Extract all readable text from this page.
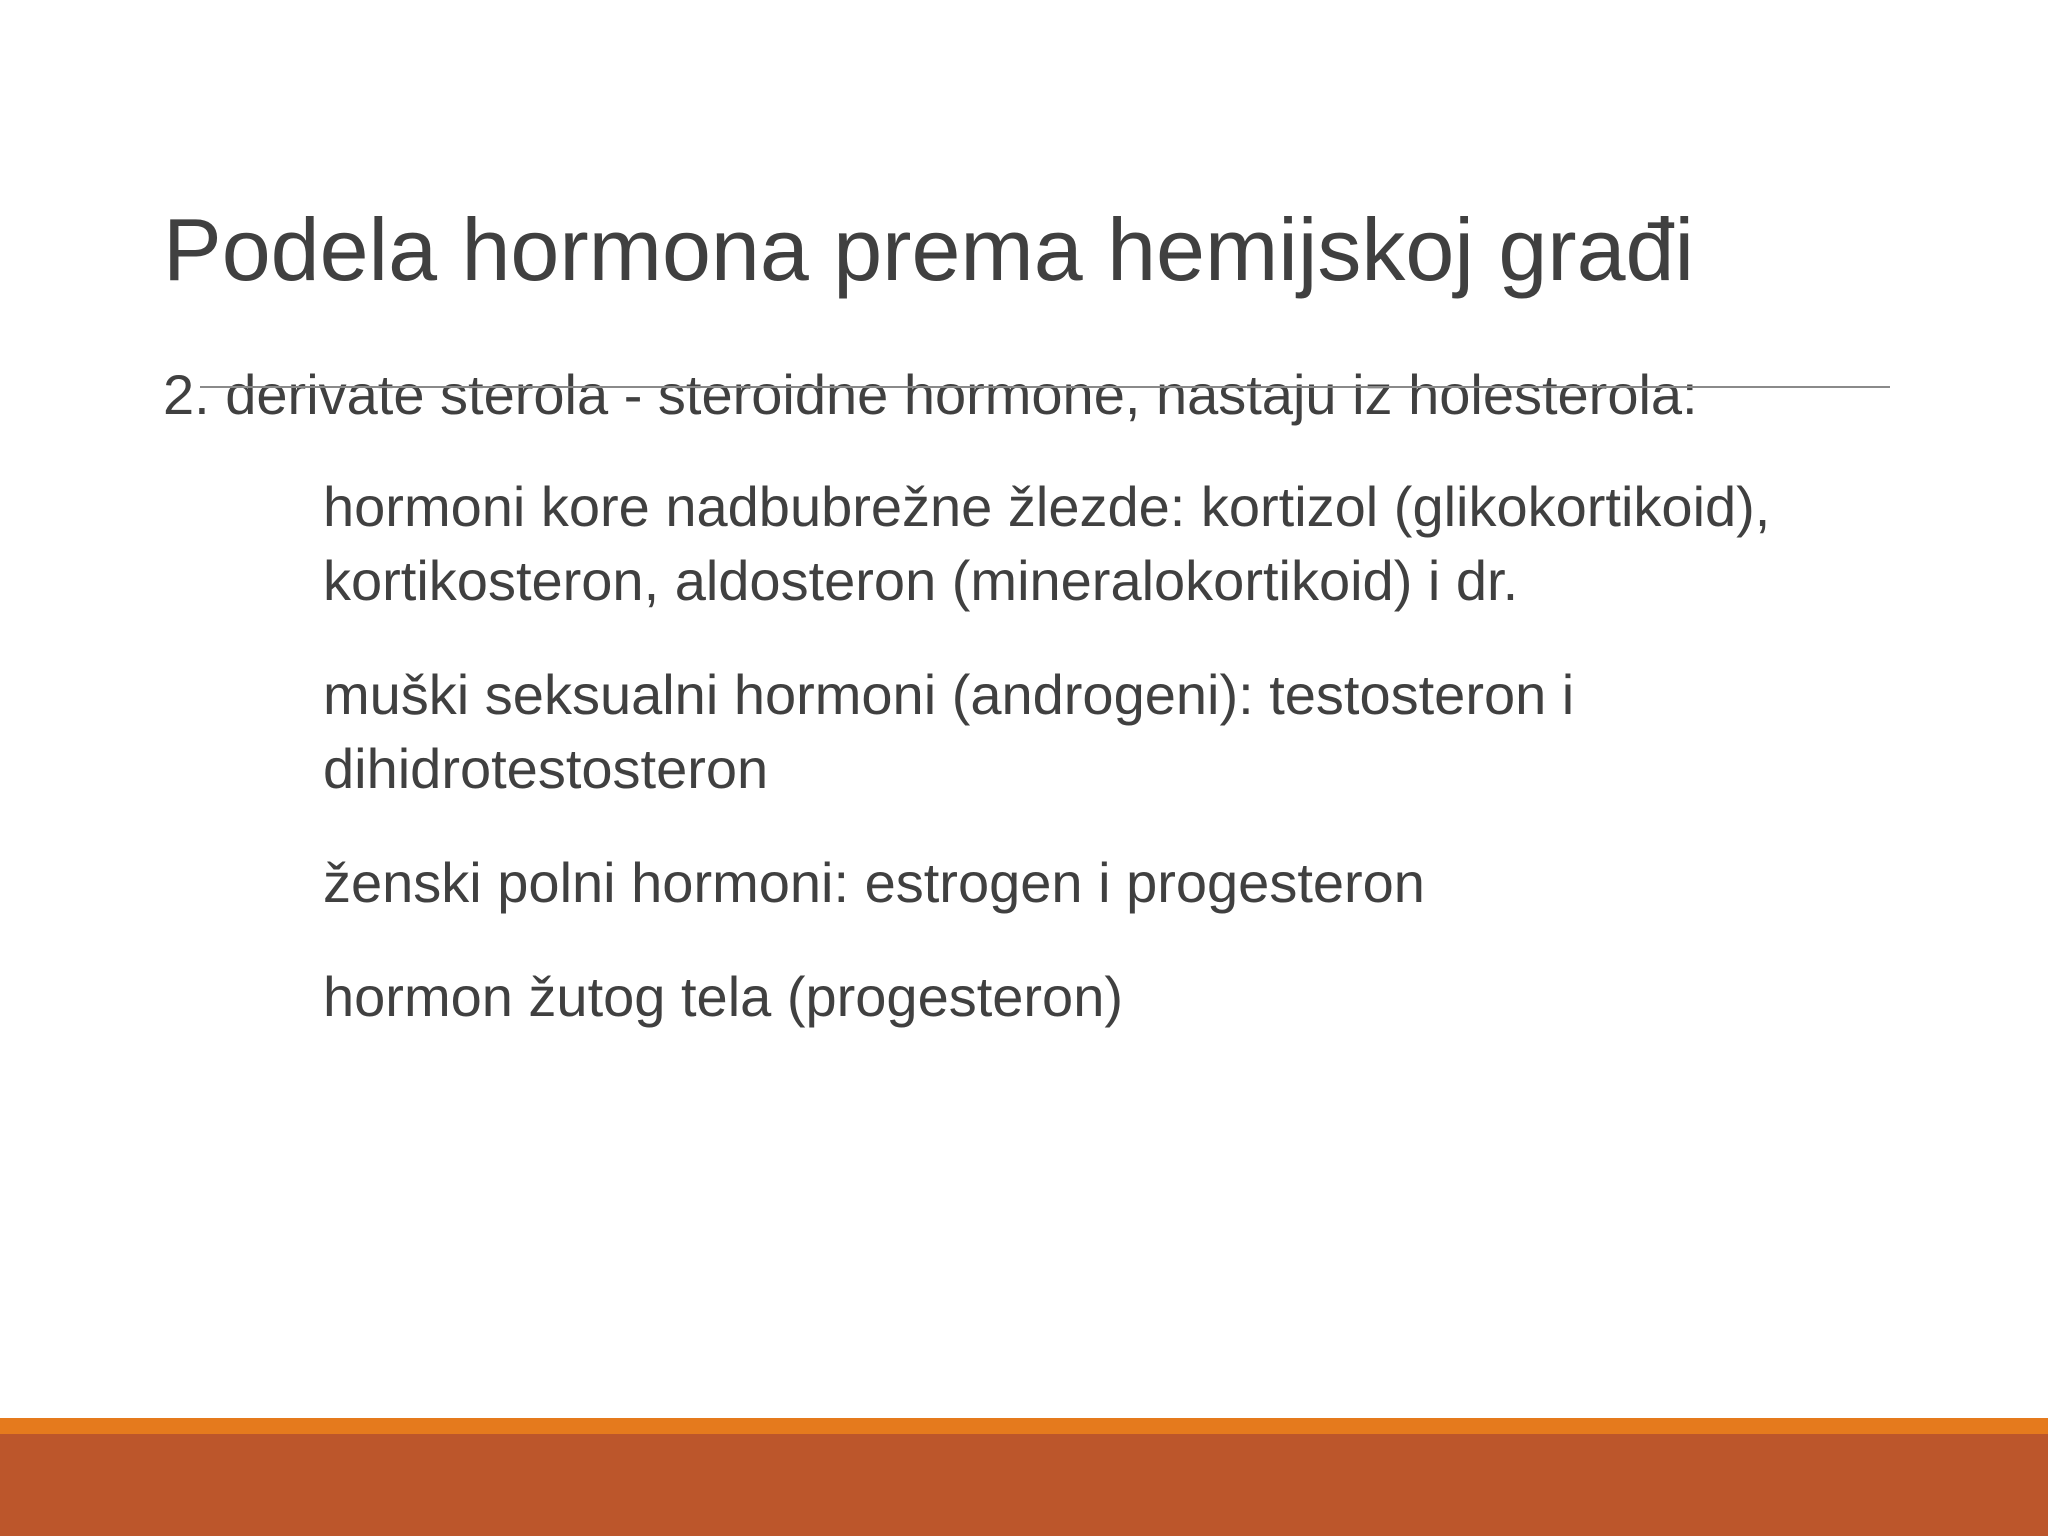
Podela hormona prema hemijskoj građi

2. derivate sterola - steroidne hormone, nastaju iz holesterola:

hormoni kore nadbubrežne žlezde: kortizol (glikokortikoid), kortikosteron, aldosteron (mineralokortikoid) i dr.
muški seksualni hormoni (androgeni): testosteron i dihidrotestosteron
ženski polni hormoni: estrogen i progesteron
hormon žutog tela (progesteron)
